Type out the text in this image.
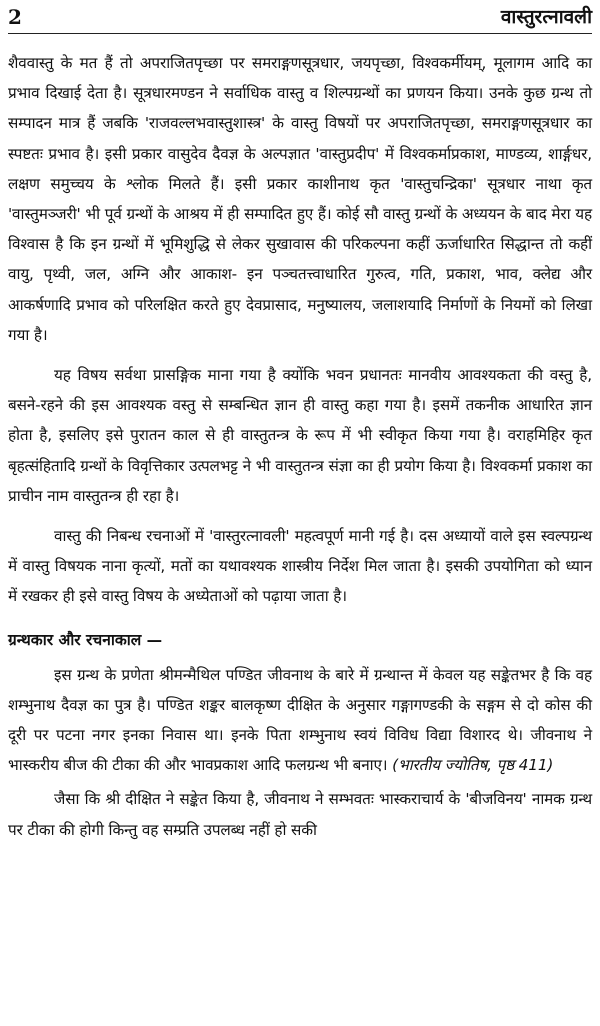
2	वास्तुरत्नावली

शैववास्तु के मत हैं तो अपराजितपृच्छा पर समराङ्गणसूत्रधार, जयपृच्छा, विश्वकर्मीयम्, मूलागम आदि का प्रभाव दिखाई देता है। सूत्रधारमण्डन ने सर्वाधिक वास्तु व शिल्पग्रन्थों का प्रणयन किया। उनके कुछ ग्रन्थ तो सम्पादन मात्र हैं जबकि 'राजवल्लभवास्तुशास्त्र' के वास्तु विषयों पर अपराजितपृच्छा, समराङ्गणसूत्रधार का स्पष्टतः प्रभाव है। इसी प्रकार वासुदेव दैवज्ञ के अल्पज्ञात 'वास्तुप्रदीप' में विश्वकर्माप्रकाश, माण्डव्य, शार्ङ्गधर, लक्षण समुच्चय के श्लोक मिलते हैं। इसी प्रकार काशीनाथ कृत 'वास्तुचन्द्रिका' सूत्रधार नाथा कृत 'वास्तुमञ्जरी' भी पूर्व ग्रन्थों के आश्रय में ही सम्पादित हुए हैं। कोई सौ वास्तु ग्रन्थों के अध्ययन के बाद मेरा यह विश्वास है कि इन ग्रन्थों में भूमिशुद्धि से लेकर सुखावास की परिकल्पना कहीं ऊर्जाधारित सिद्धान्त तो कहीं वायु, पृथ्वी, जल, अग्नि और आकाश- इन पञ्चतत्त्वाधारित गुरुत्व, गति, प्रकाश, भाव, क्लेद्य और आकर्षणादि प्रभाव को परिलक्षित करते हुए देवप्रासाद, मनुष्यालय, जलाशयादि निर्माणों के नियमों को लिखा गया है।

यह विषय सर्वथा प्रासङ्गिक माना गया है क्योंकि भवन प्रधानतः मानवीय आवश्यकता की वस्तु है, बसने-रहने की इस आवश्यक वस्तु से सम्बन्धित ज्ञान ही वास्तु कहा गया है। इसमें तकनीक आधारित ज्ञान होता है, इसलिए इसे पुरातन काल से ही वास्तुतन्त्र के रूप में भी स्वीकृत किया गया है। वराहमिहिर कृत बृहत्संहितादि ग्रन्थों के विवृत्तिकार उत्पलभट्ट ने भी वास्तुतन्त्र संज्ञा का ही प्रयोग किया है। विश्वकर्मा प्रकाश का प्राचीन नाम वास्तुतन्त्र ही रहा है।

वास्तु की निबन्ध रचनाओं में 'वास्तुरत्नावली' महत्वपूर्ण मानी गई है। दस अध्यायों वाले इस स्वल्पग्रन्थ में वास्तु विषयक नाना कृत्यों, मतों का यथावश्यक शास्त्रीय निर्देश मिल जाता है। इसकी उपयोगिता को ध्यान में रखकर ही इसे वास्तु विषय के अध्येताओं को पढ़ाया जाता है।

ग्रन्थकार और रचनाकाल —

इस ग्रन्थ के प्रणेता श्रीमन्मैथिल पण्डित जीवनाथ के बारे में ग्रन्थान्त में केवल यह सङ्केतभर है कि वह शम्भुनाथ दैवज्ञ का पुत्र है। पण्डित शङ्कर बालकृष्ण दीक्षित के अनुसार गङ्गागण्डकी के सङ्गम से दो कोस की दूरी पर पटना नगर इनका निवास था। इनके पिता शम्भुनाथ स्वयं विविध विद्या विशारद थे। जीवनाथ ने भास्करीय बीज की टीका की और भावप्रकाश आदि फलग्रन्थ भी बनाए। (भारतीय ज्योतिष, पृष्ठ 411)

जैसा कि श्री दीक्षित ने सङ्केत किया है, जीवनाथ ने सम्भवतः भास्कराचार्य के 'बीजविनय' नामक ग्रन्थ पर टीका की होगी किन्तु वह सम्प्रति उपलब्ध नहीं हो सकी
